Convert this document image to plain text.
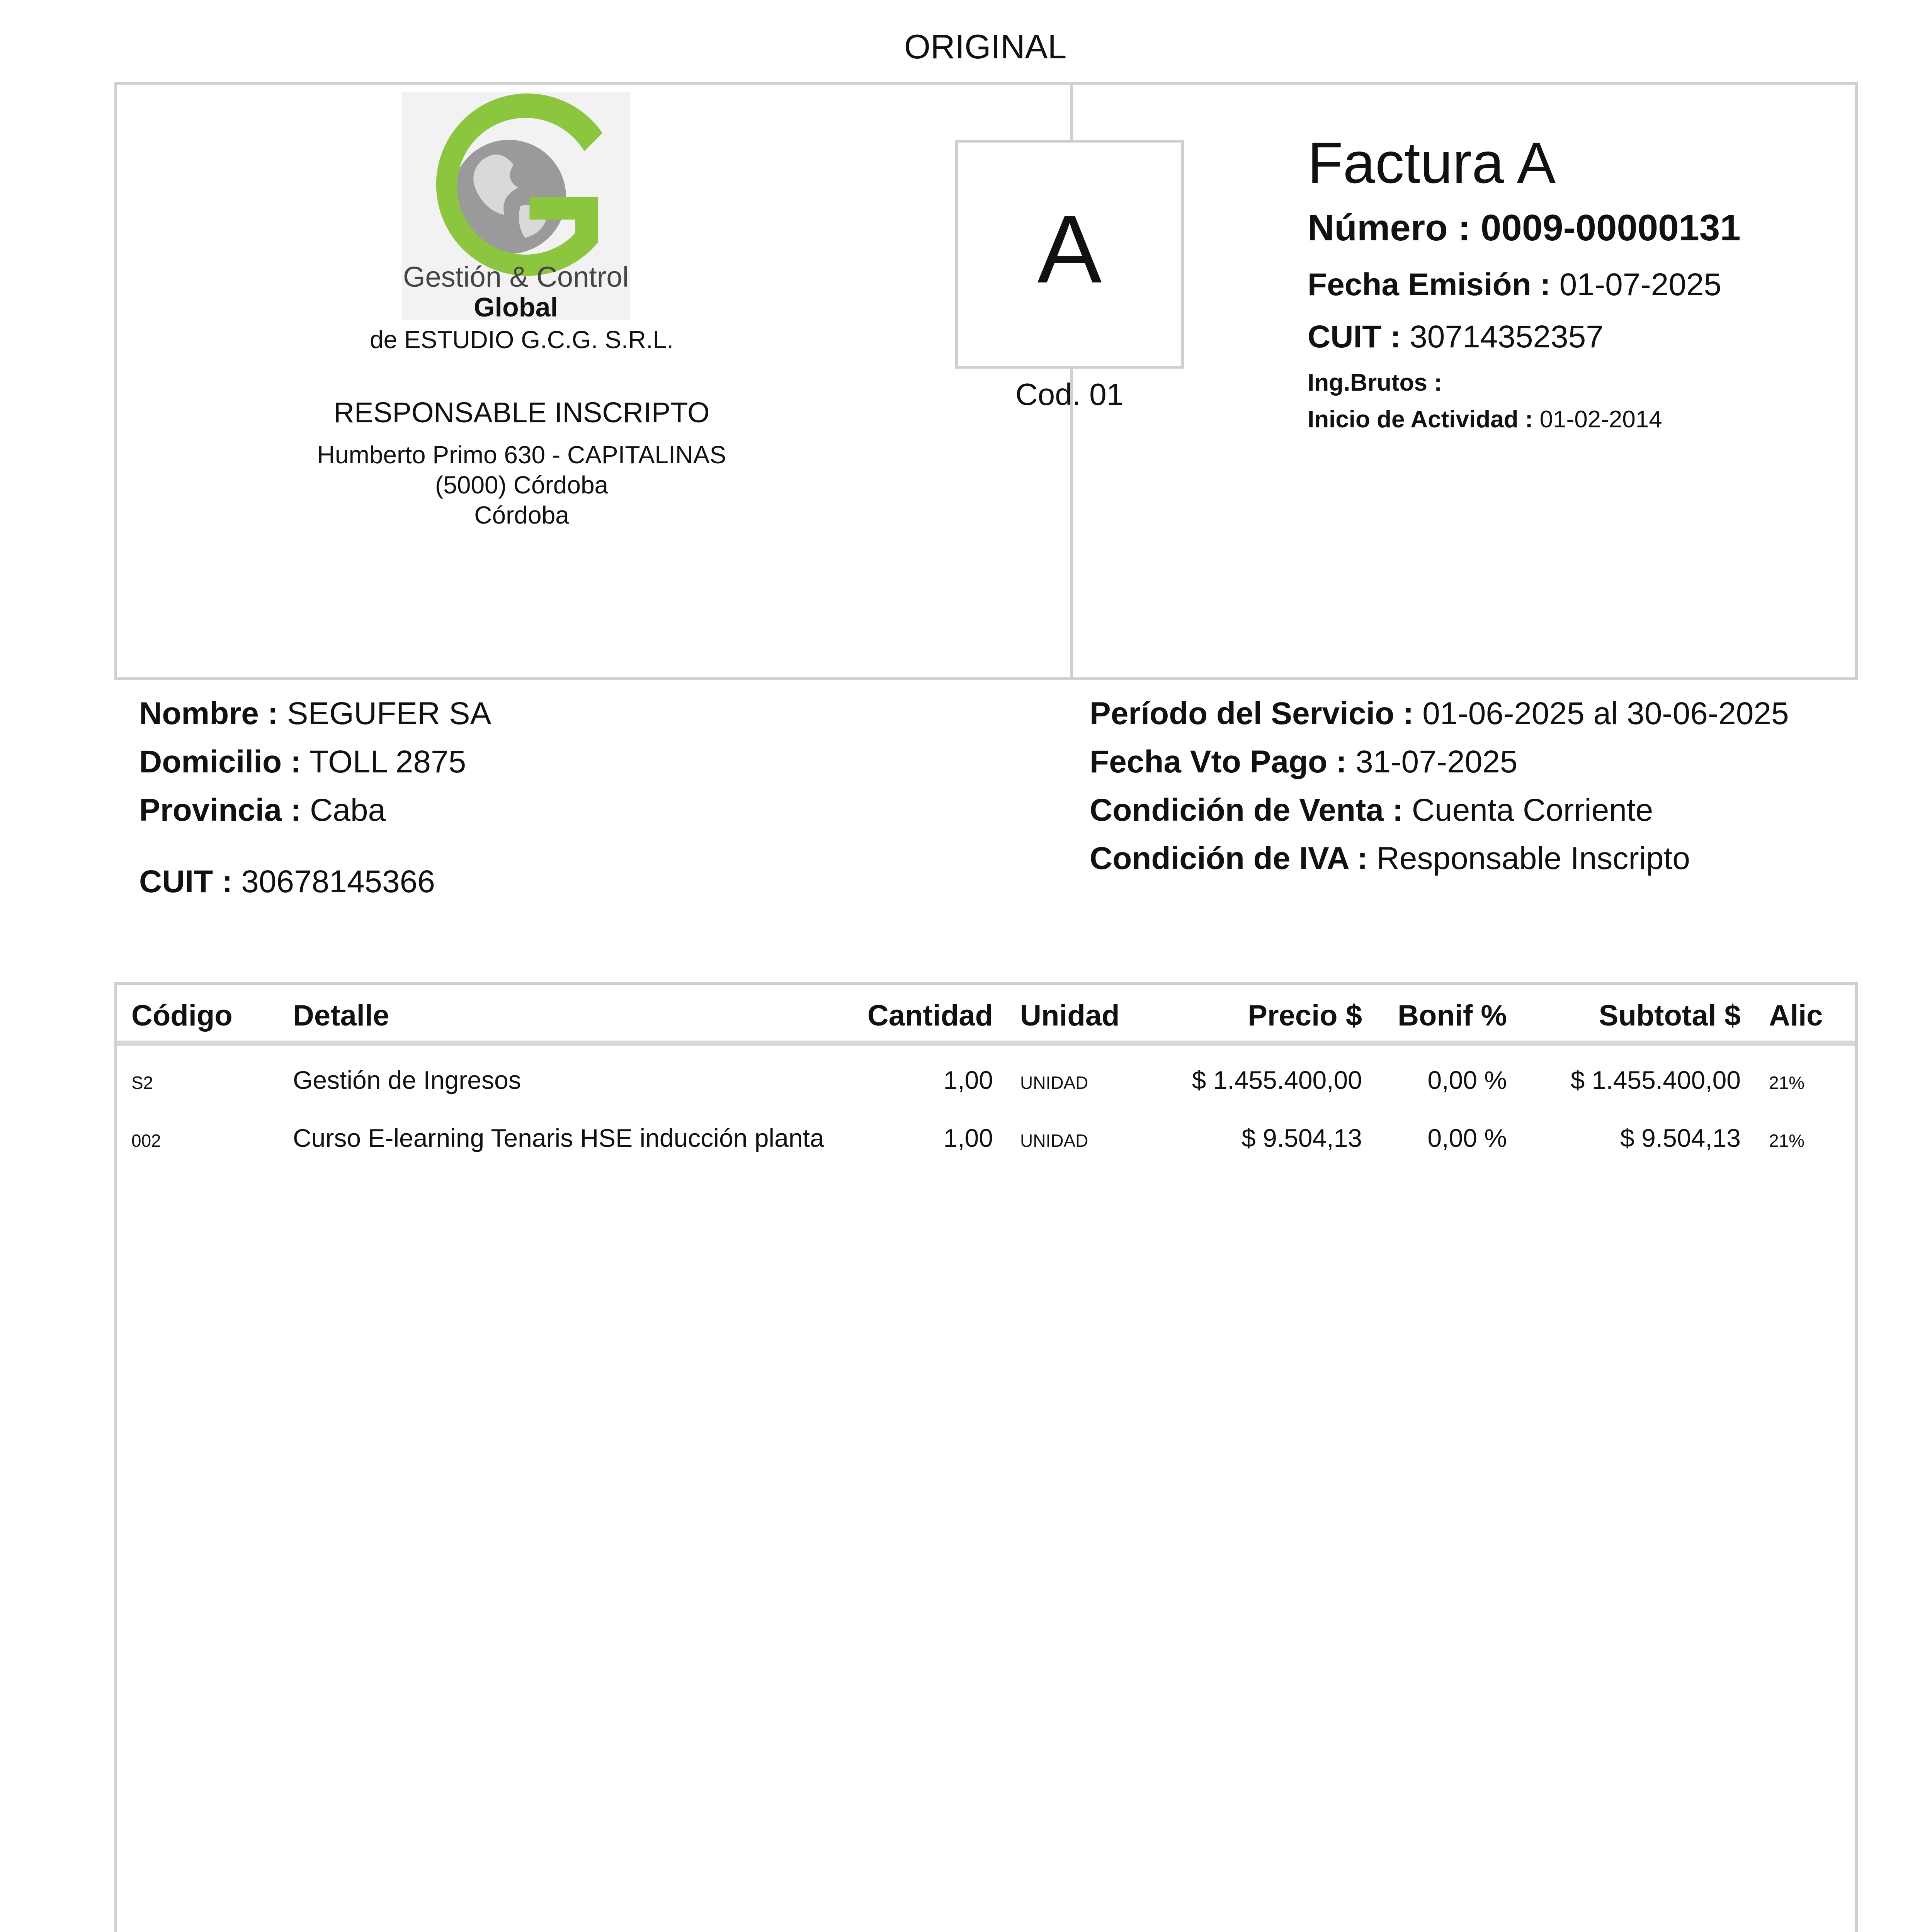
ORIGINAL
Gestión & Control
Global
de ESTUDIO G.C.G. S.R.L.
RESPONSABLE INSCRIPTO
Humberto Primo 630 - CAPITALINAS
(5000) Córdoba
Córdoba
A
Cod. 01
Factura A
Número : 0009-00000131
Fecha Emisión : 01-07-2025
CUIT : 30714352357
Ing.Brutos :
Inicio de Actividad : 01-02-2014
Nombre : SEGUFER SA
Domicilio : TOLL 2875
Provincia : Caba
CUIT : 30678145366
Período del Servicio : 01-06-2025 al 30-06-2025
Fecha Vto Pago : 31-07-2025
Condición de Venta : Cuenta Corriente
Condición de IVA : Responsable Inscripto
Código Detalle	Cantidad Unidad	Precio $	Bonif %	Subtotal $ Alic
S2	Gestión de Ingresos	1,00 UNIDAD	$ 1.455.400,00	0,00 %	$ 1.455.400,00 21%
002	Curso E-learning Tenaris HSE inducción planta	1,00 UNIDAD	$ 9.504,13	0,00 %	$ 9.504,13 21%
